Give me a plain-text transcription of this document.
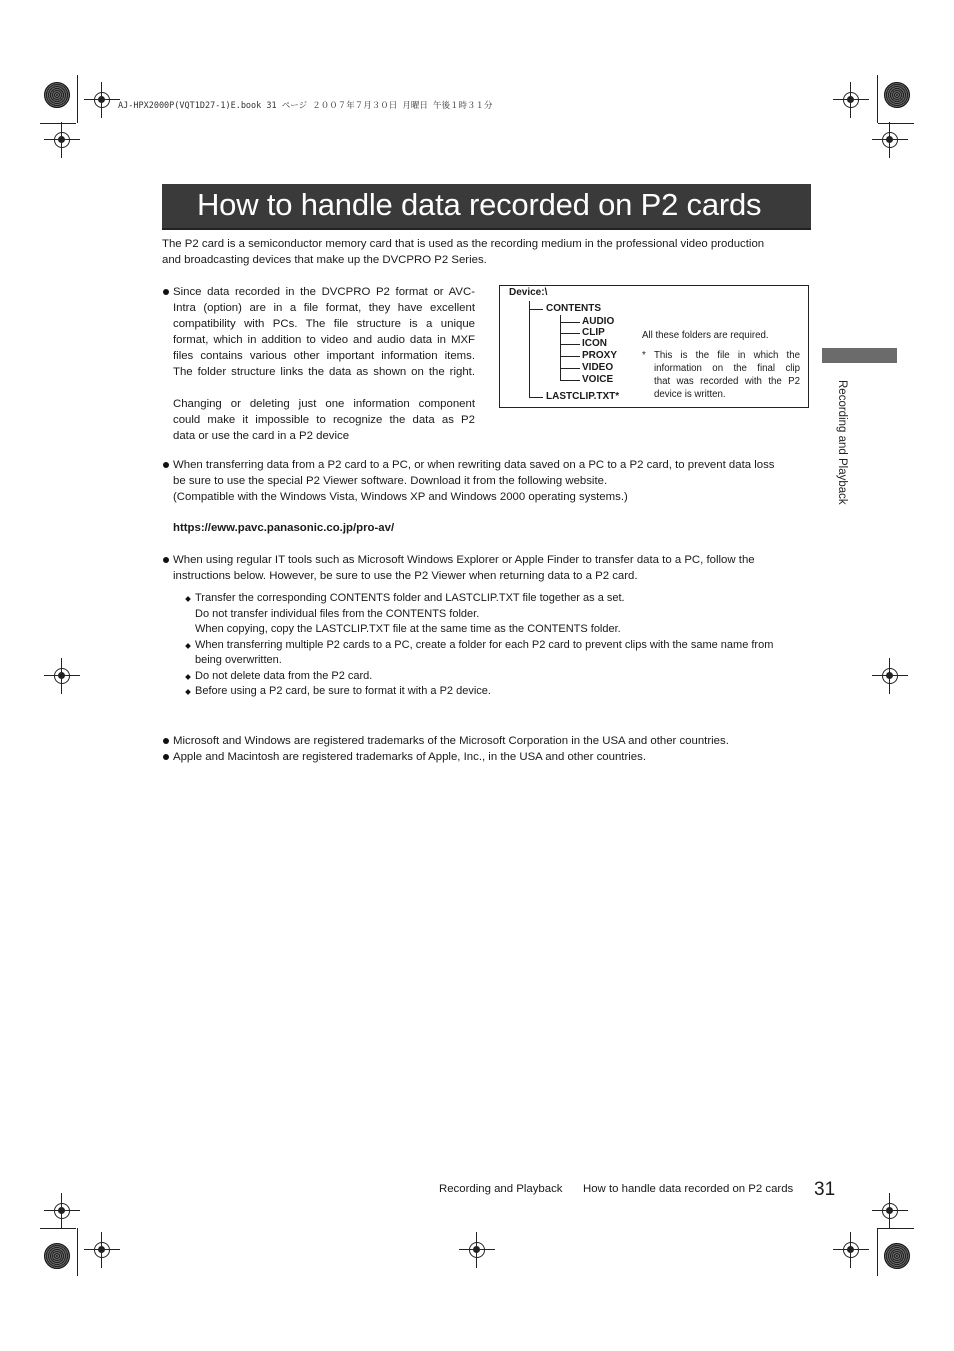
AJ-HPX2000P(VQT1D27-1)E.book 31 ページ ２００７年７月３０日 月曜日 午後１時３１分
How to handle data recorded on P2 cards
The P2 card is a semiconductor memory card that is used as the recording medium in the professional video production
and broadcasting devices that make up the DVCPRO P2 Series.
Since data recorded in the DVCPRO P2 format or AVC-
Intra (option) are in a file format, they have excellent
compatibility with PCs. The file structure is a unique
format, which in addition to video and audio data in MXF
files contains various other important information items.
The folder structure links the data as shown on the right.
Changing or deleting just one information component
could make it impossible to recognize the data as P2
data or use the card in a P2 device
Device:\
CONTENTS
AUDIO
CLIP
ICON
PROXY
VIDEO
VOICE
LASTCLIP.TXT*
All these folders are required.
* This is the file in which the
information on the final clip
that was recorded with the P2
device is written.
When transferring data from a P2 card to a PC, or when rewriting data saved on a PC to a P2 card, to prevent data loss
be sure to use the special P2 Viewer software. Download it from the following website.
(Compatible with the Windows Vista, Windows XP and Windows 2000 operating systems.)
https://eww.pavc.panasonic.co.jp/pro-av/
When using regular IT tools such as Microsoft Windows Explorer or Apple Finder to transfer data to a PC, follow the
instructions below. However, be sure to use the P2 Viewer when returning data to a P2 card.
Transfer the corresponding CONTENTS folder and LASTCLIP.TXT file together as a set.
Do not transfer individual files from the CONTENTS folder.
When copying, copy the LASTCLIP.TXT file at the same time as the CONTENTS folder.
When transferring multiple P2 cards to a PC, create a folder for each P2 card to prevent clips with the same name from
being overwritten.
Do not delete data from the P2 card.
Before using a P2 card, be sure to format it with a P2 device.
Microsoft and Windows are registered trademarks of the Microsoft Corporation in the USA and other countries.
Apple and Macintosh are registered trademarks of Apple, Inc., in the USA and other countries.
Recording and Playback
Recording and Playback How to handle data recorded on P2 cards 31
